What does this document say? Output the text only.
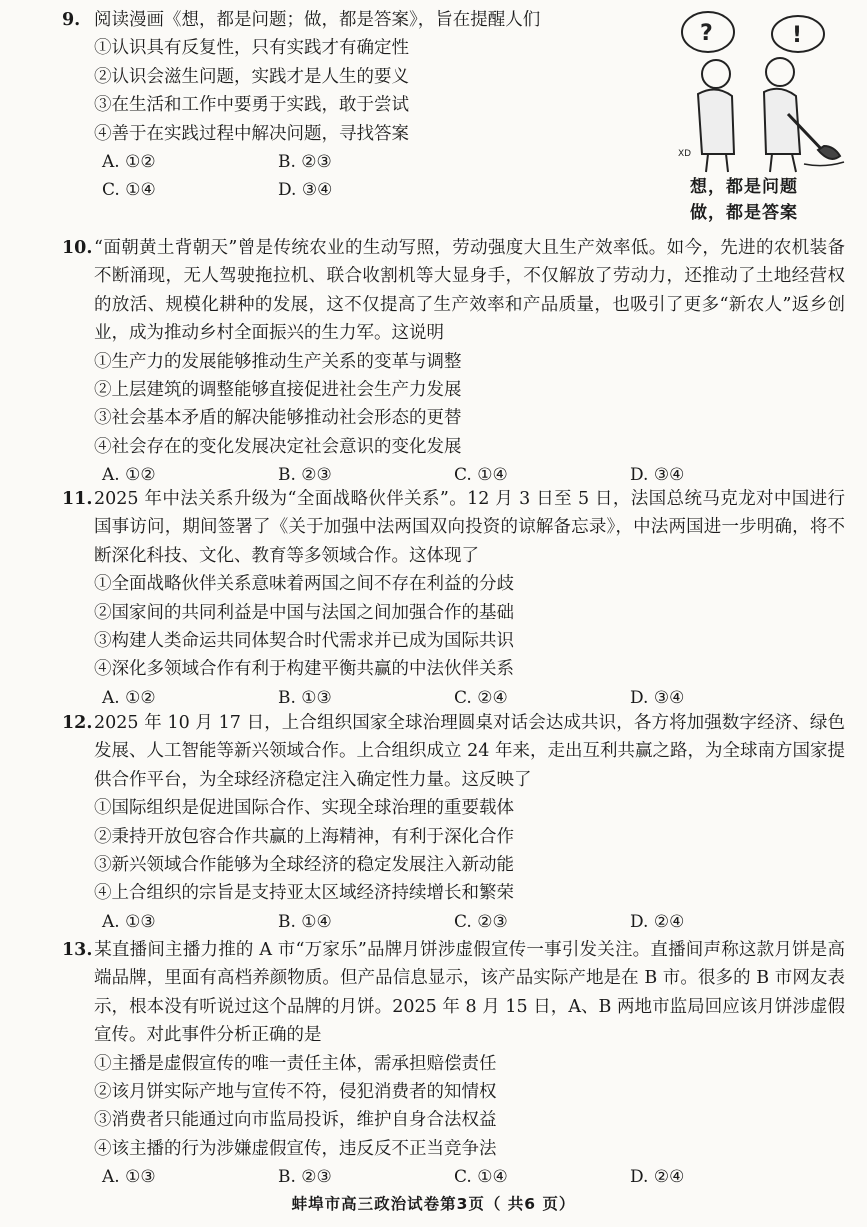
9. 阅读漫画《想，都是问题；做，都是答案》，旨在提醒人们

①认识具有反复性，只有实践才有确定性

②认识会滋生问题，实践才是人生的要义

③在生活和工作中要勇于实践，敢于尝试

④善于在实践过程中解决问题，寻找答案

A. ①②	B. ②③
C. ①④	D. ③④
?	!
XD
想，都是问题
做，都是答案

10.“面朝黄土背朝天”曾是传统农业的生动写照，劳动强度大且生产效率低。如今，先进的农机装备不断涌现，无人驾驶拖拉机、联合收割机等大显身手，不仅解放了劳动力，还推动了土地经营权的放活、规模化耕种的发展，这不仅提高了生产效率和产品质量，也吸引了更多“新农人”返乡创业，成为推动乡村全面振兴的生力军。这说明

①生产力的发展能够推动生产关系的变革与调整

②上层建筑的调整能够直接促进社会生产力发展

③社会基本矛盾的解决能够推动社会形态的更替

④社会存在的变化发展决定社会意识的变化发展

A. ①②	B. ②③	C. ①④	D. ③④

11.2025 年中法关系升级为“全面战略伙伴关系”。12 月 3 日至 5 日，法国总统马克龙对中国进行国事访问，期间签署了《关于加强中法两国双向投资的谅解备忘录》，中法两国进一步明确，将不断深化科技、文化、教育等多领域合作。这体现了

①全面战略伙伴关系意味着两国之间不存在利益的分歧

②国家间的共同利益是中国与法国之间加强合作的基础

③构建人类命运共同体契合时代需求并已成为国际共识

④深化多领域合作有利于构建平衡共赢的中法伙伴关系

A. ①②	B. ①③	C. ②④	D. ③④

12.2025 年 10 月 17 日，上合组织国家全球治理圆桌对话会达成共识，各方将加强数字经济、绿色发展、人工智能等新兴领域合作。上合组织成立 24 年来，走出互利共赢之路，为全球南方国家提供合作平台，为全球经济稳定注入确定性力量。这反映了

①国际组织是促进国际合作、实现全球治理的重要载体

②秉持开放包容合作共赢的上海精神，有利于深化合作

③新兴领域合作能够为全球经济的稳定发展注入新动能

④上合组织的宗旨是支持亚太区域经济持续增长和繁荣

A. ①③	B. ①④	C. ②③	D. ②④

13.某直播间主播力推的 A 市“万家乐”品牌月饼涉虚假宣传一事引发关注。直播间声称这款月饼是高端品牌，里面有高档养颜物质。但产品信息显示，该产品实际产地是在 B 市。很多的 B 市网友表示，根本没有听说过这个品牌的月饼。2025 年 8 月 15 日，A、B 两地市监局回应该月饼涉虚假宣传。对此事件分析正确的是

①主播是虚假宣传的唯一责任主体，需承担赔偿责任

②该月饼实际产地与宣传不符，侵犯消费者的知情权

③消费者只能通过向市监局投诉，维护自身合法权益

④该主播的行为涉嫌虚假宣传，违反反不正当竞争法

A. ①③	B. ②③	C. ①④	D. ②④
蚌埠市高三政治试卷第3页（ 共6 页）
